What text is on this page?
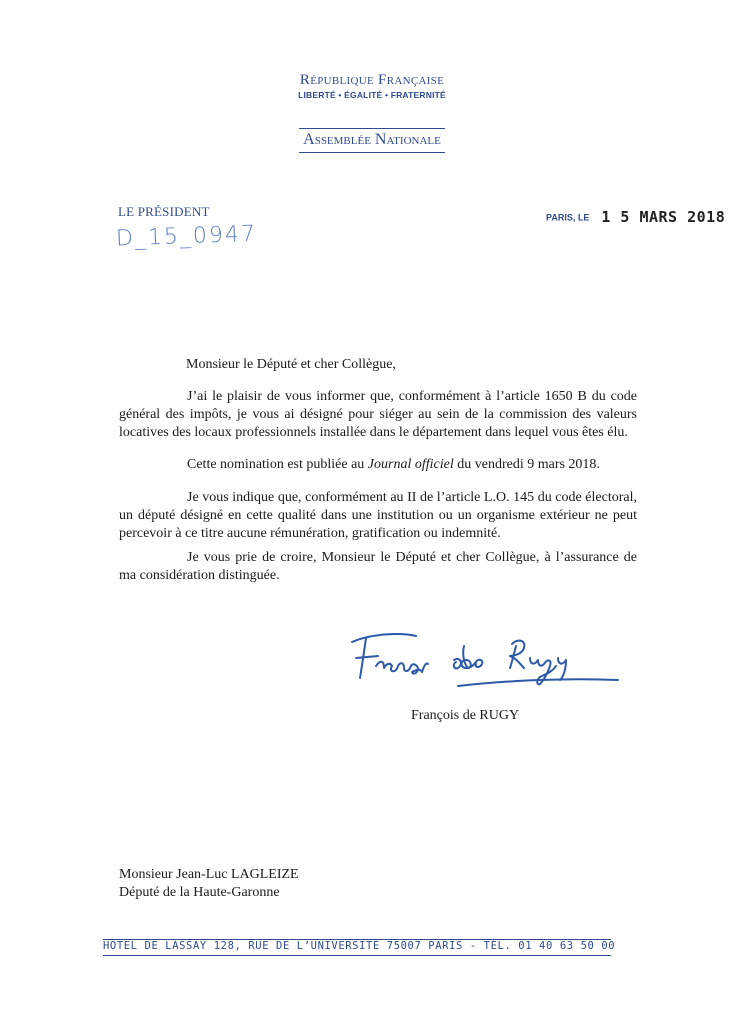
République Française
LIBERTÉ • ÉGALITÉ • FRATERNITÉ
Assemblée Nationale
LE PRÉSIDENT
D_15_0947
PARIS, LE 1 5 MARS 2018
Monsieur le Député et cher Collègue,
J’ai le plaisir de vous informer que, conformément à l’article 1650 B du code général des impôts, je vous ai désigné pour siéger au sein de la commission des valeurs locatives des locaux professionnels installée dans le département dans lequel vous êtes élu.
Cette nomination est publiée au Journal officiel du vendredi 9 mars 2018.
Je vous indique que, conformément au II de l’article L.O. 145 du code électoral, un député désigné en cette qualité dans une institution ou un organisme extérieur ne peut percevoir à ce titre aucune rémunération, gratification ou indemnité.
Je vous prie de croire, Monsieur le Député et cher Collègue, à l’assurance de ma considération distinguée.
François de RUGY
Monsieur Jean-Luc LAGLEIZE
Député de la Haute-Garonne
HÔTEL DE LASSAY 128, RUE DE L’UNIVERSITÉ 75007 PARIS - TÉL. 01 40 63 50 00
